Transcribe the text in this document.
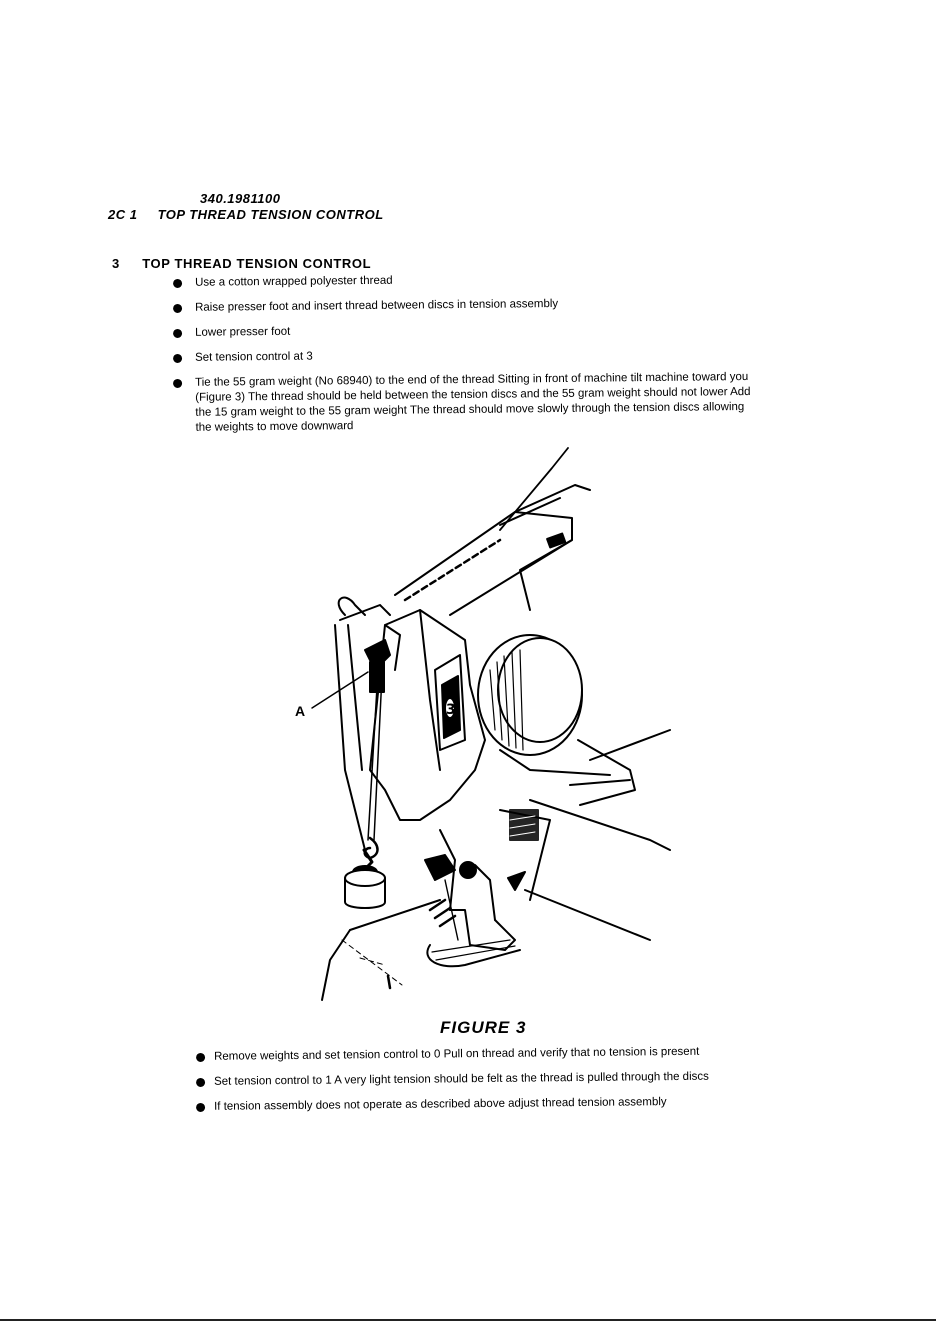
340.1981100
2C 1 TOP THREAD TENSION CONTROL
3 TOP THREAD TENSION CONTROL
Use a cotton wrapped polyester thread
Raise presser foot and insert thread between discs in tension assembly
Lower presser foot
Set tension control at 3
Tie the 55 gram weight (No 68940) to the end of the thread Sitting in front of machine tilt machine toward you (Figure 3) The thread should be held between the tension discs and the 55 gram weight should not lower Add the 15 gram weight to the 55 gram weight The thread should move slowly through the tension discs allowing the weights to move downward
3
A
FIGURE 3
Remove weights and set tension control to 0 Pull on thread and verify that no tension is present
Set tension control to 1 A very light tension should be felt as the thread is pulled through the discs
If tension assembly does not operate as described above adjust thread tension assembly
